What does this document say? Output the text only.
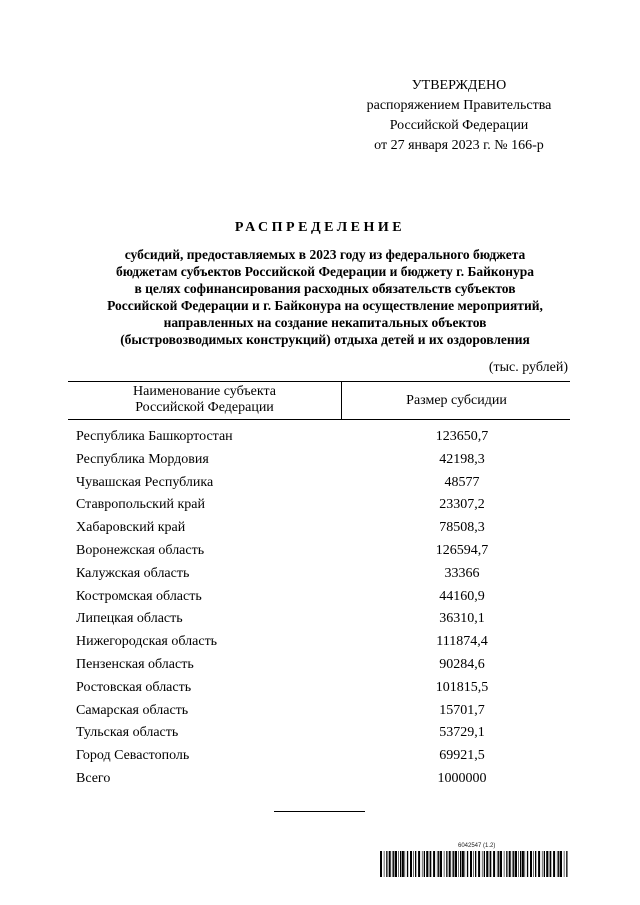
УТВЕРЖДЕНО
распоряжением Правительства
Российской Федерации
от 27 января 2023 г. № 166-р
РАСПРЕДЕЛЕНИЕ
субсидий, предоставляемых в 2023 году из федерального бюджета
бюджетам субъектов Российской Федерации и бюджету г. Байконура
в целях софинансирования расходных обязательств субъектов
Российской Федерации и г. Байконура на осуществление мероприятий,
направленных на создание некапитальных объектов
(быстровозводимых конструкций) отдыха детей и их оздоровления
(тыс. рублей)
Наименование субъекта
Российской Федерации	Размер субсидии
Республика Башкортостан	123650,7
Республика Мордовия	42198,3
Чувашская Республика	48577
Ставропольский край	23307,2
Хабаровский край	78508,3
Воронежская область	126594,7
Калужская область	33366
Костромская область	44160,9
Липецкая область	36310,1
Нижегородская область	111874,4
Пензенская область	90284,6
Ростовская область	101815,5
Самарская область	15701,7
Тульская область	53729,1
Город Севастополь	69921,5
Всего	1000000
6042547 (1.2)
